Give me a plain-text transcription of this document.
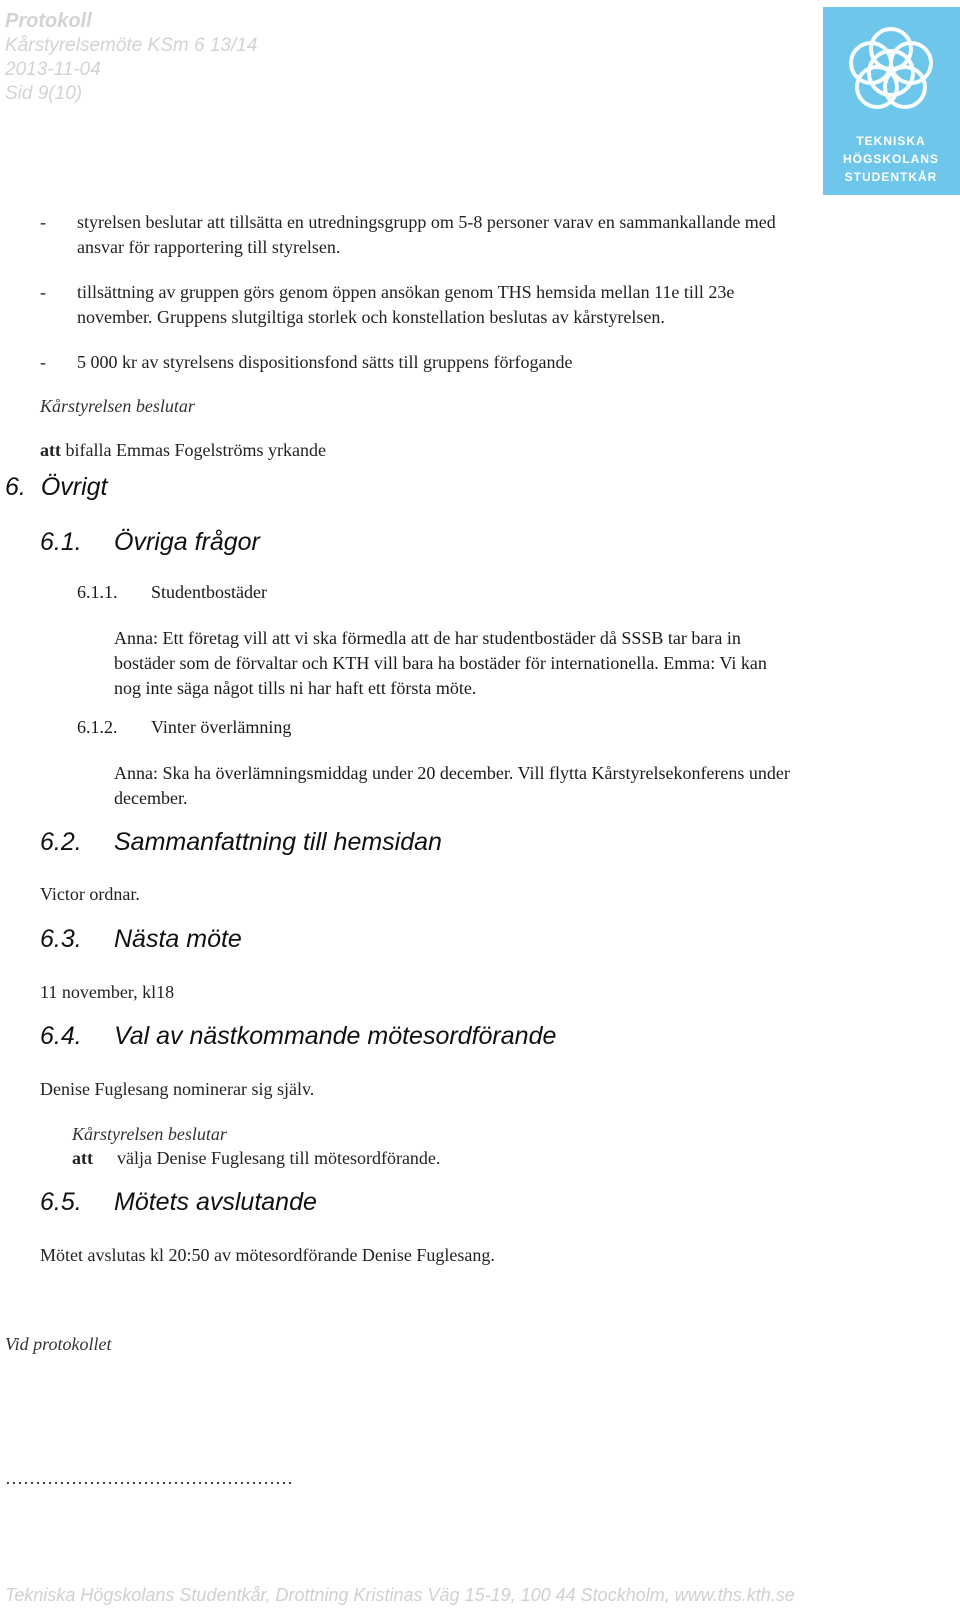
Protokoll
Kårstyrelsemöte KSm 6 13/14
2013-11-04
Sid 9(10)
TEKNISKA
HÖGSKOLANS
STUDENTKÅR
- styrelsen beslutar att tillsätta en utredningsgrupp om 5-8 personer varav en sammankallande med
ansvar för rapportering till styrelsen.
- tillsättning av gruppen görs genom öppen ansökan genom THS hemsida mellan 11e till 23e
november. Gruppens slutgiltiga storlek och konstellation beslutas av kårstyrelsen.
- 5 000 kr av styrelsens dispositionsfond sätts till gruppens förfogande
Kårstyrelsen beslutar
att bifalla Emmas Fogelströms yrkande
6. Övrigt
6.1. Övriga frågor
6.1.1. Studentbostäder
Anna: Ett företag vill att vi ska förmedla att de har studentbostäder då SSSB tar bara in
bostäder som de förvaltar och KTH vill bara ha bostäder för internationella. Emma: Vi kan
nog inte säga något tills ni har haft ett första möte.
6.1.2. Vinter överlämning
Anna: Ska ha överlämningsmiddag under 20 december. Vill flytta Kårstyrelsekonferens under
december.
6.2. Sammanfattning till hemsidan
Victor ordnar.
6.3. Nästa möte
11 november, kl18
6.4. Val av nästkommande mötesordförande
Denise Fuglesang nominerar sig själv.
Kårstyrelsen beslutar
att välja Denise Fuglesang till mötesordförande.
6.5. Mötets avslutande
Mötet avslutas kl 20:50 av mötesordförande Denise Fuglesang.
Vid protokollet
…………………………………………
Tekniska Högskolans Studentkår, Drottning Kristinas Väg 15-19, 100 44 Stockholm, www.ths.kth.se
